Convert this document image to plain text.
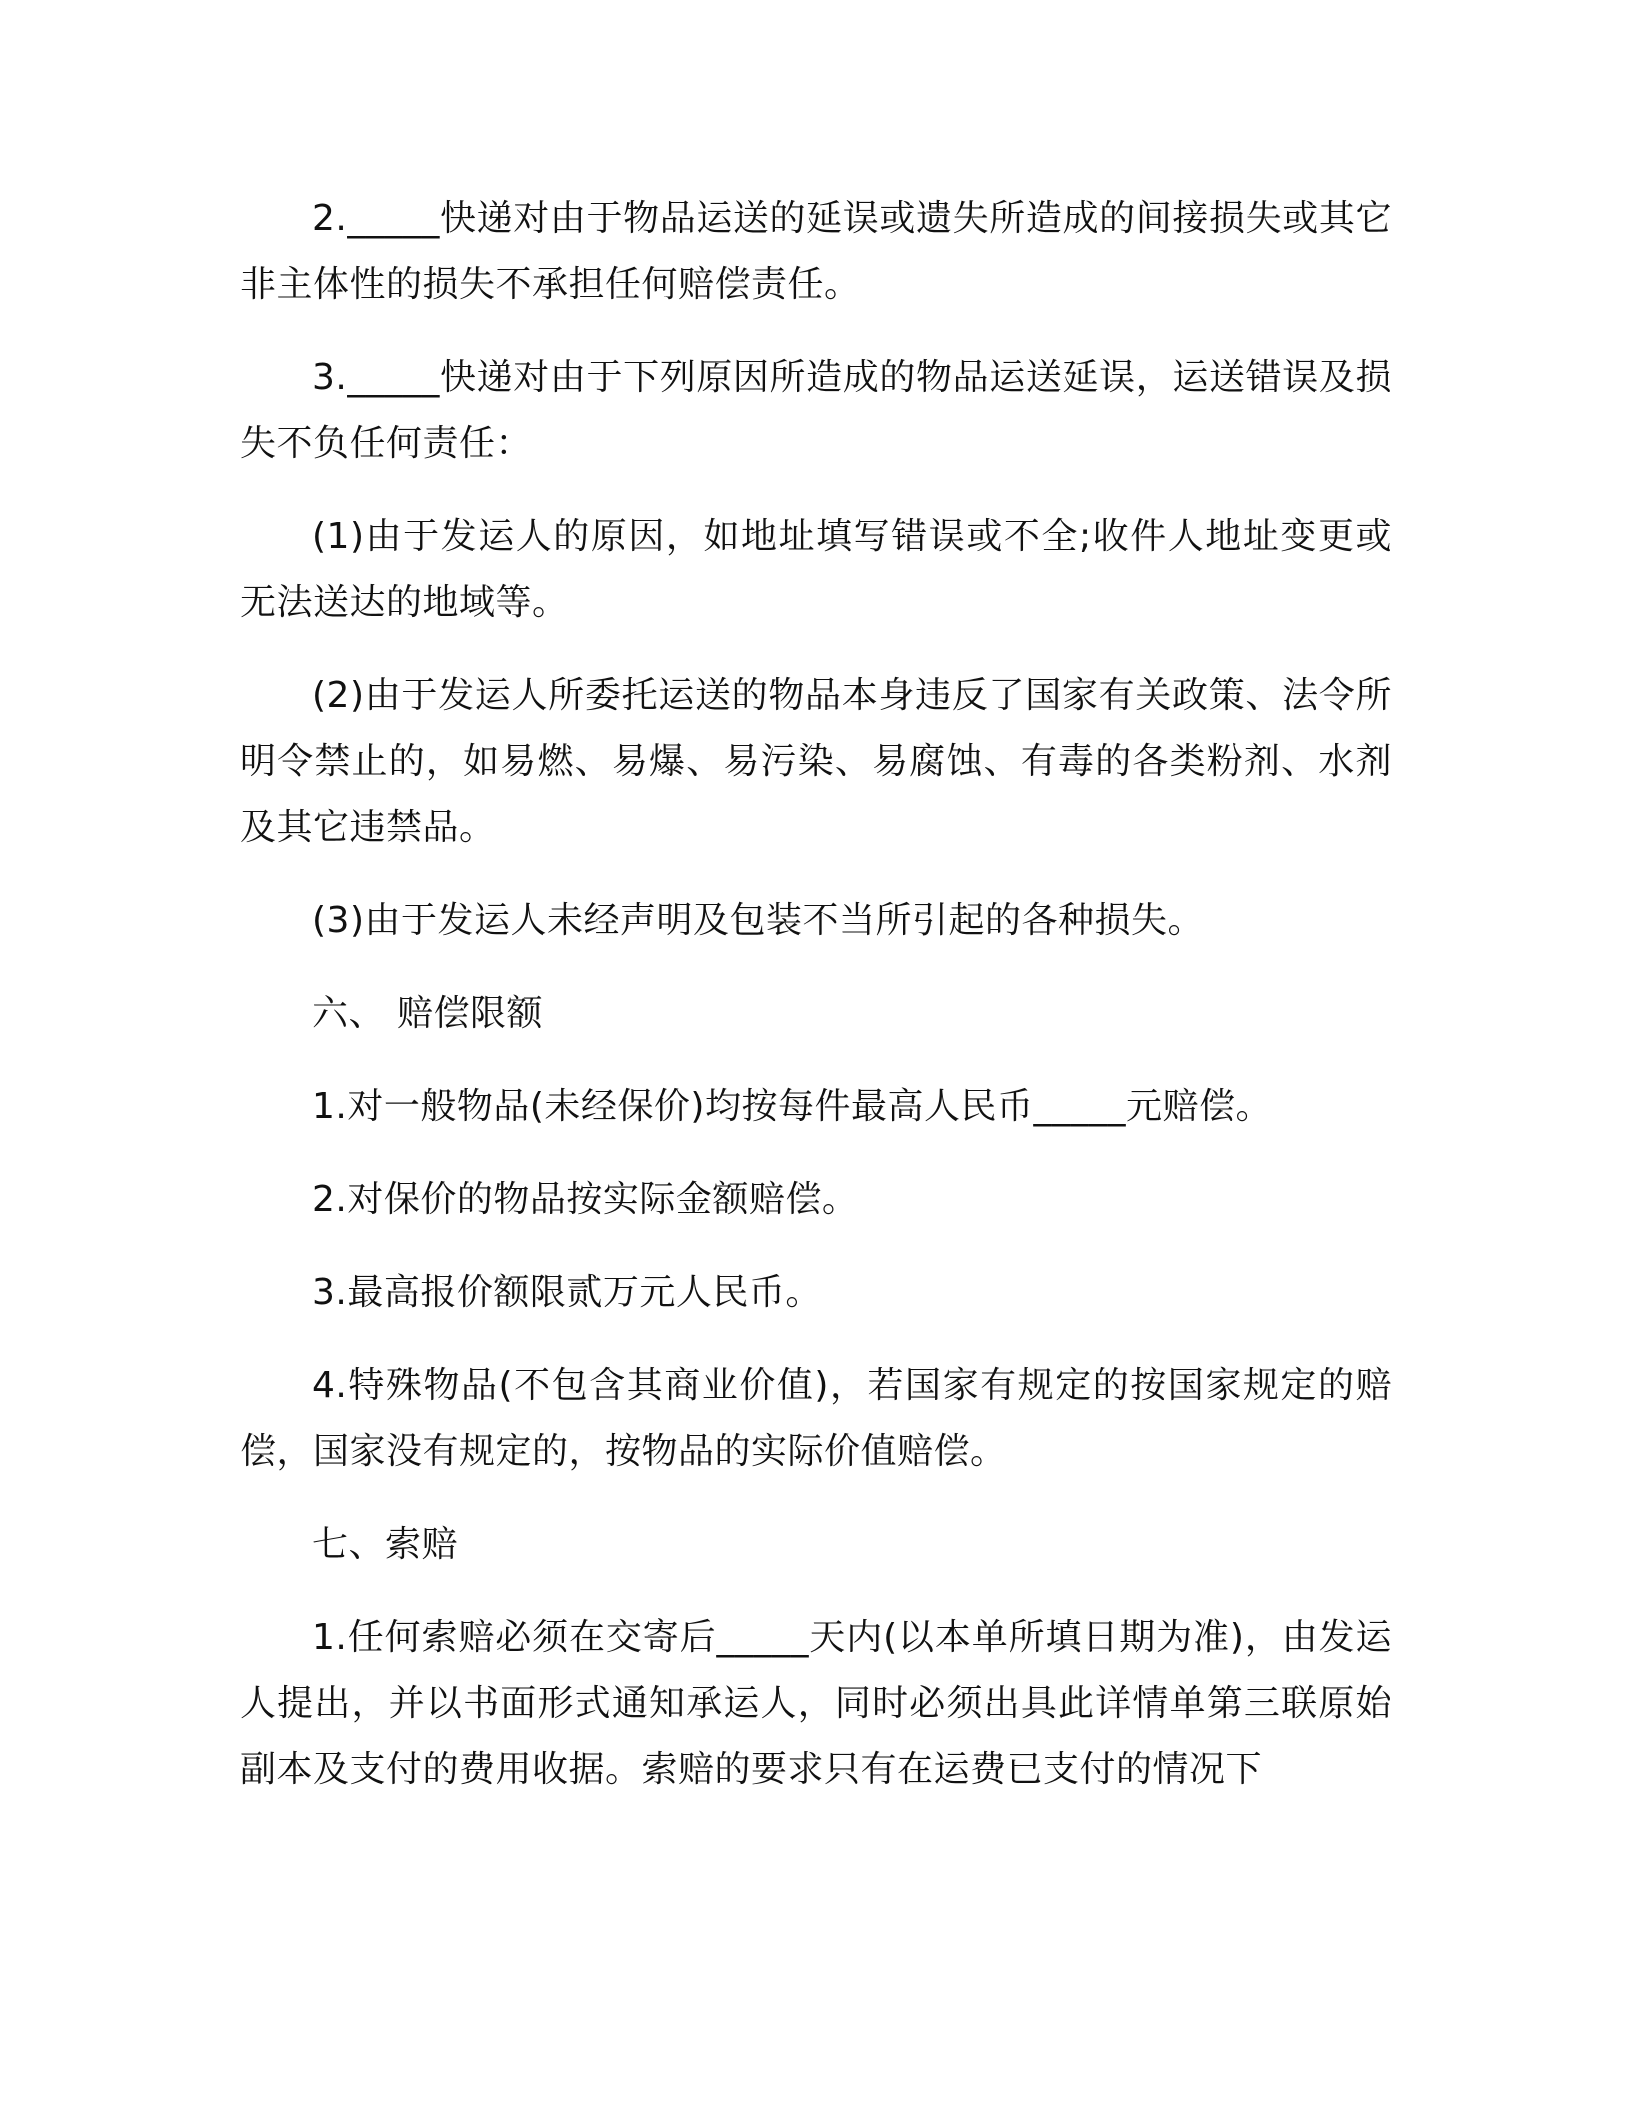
2._____快递对由于物品运送的延误或遗失所造成的间接损失或其它非主体性的损失不承担任何赔偿责任。

3._____快递对由于下列原因所造成的物品运送延误，运送错误及损失不负任何责任：

(1)由于发运人的原因，如地址填写错误或不全;收件人地址变更或无法送达的地域等。

(2)由于发运人所委托运送的物品本身违反了国家有关政策、法令所明令禁止的，如易燃、易爆、易污染、易腐蚀、有毒的各类粉剂、水剂及其它违禁品。

(3)由于发运人未经声明及包装不当所引起的各种损失。

六、 赔偿限额

1.对一般物品(未经保价)均按每件最高人民币_____元赔偿。

2.对保价的物品按实际金额赔偿。

3.最高报价额限贰万元人民币。

4.特殊物品(不包含其商业价值)，若国家有规定的按国家规定的赔偿，国家没有规定的，按物品的实际价值赔偿。

七、索赔

1.任何索赔必须在交寄后_____天内(以本单所填日期为准)，由发运人提出，并以书面形式通知承运人，同时必须出具此详情单第三联原始副本及支付的费用收据。索赔的要求只有在运费已支付的情况下
